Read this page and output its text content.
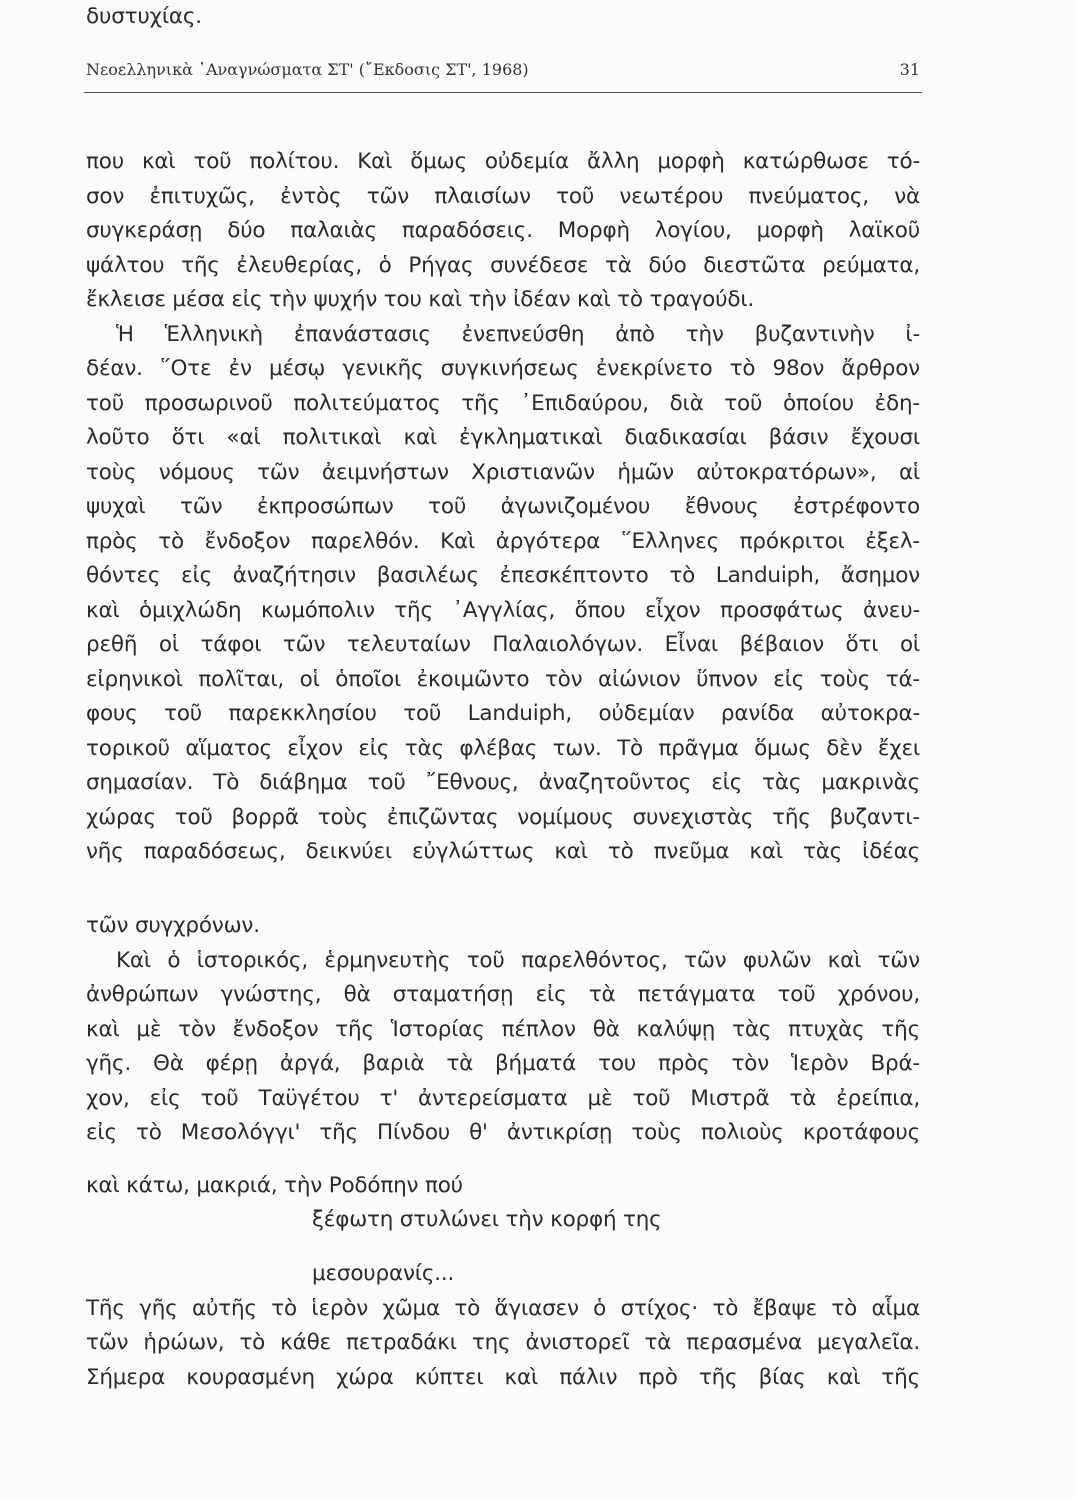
Νεοελληνικὰ ᾿Αναγνώσματα ΣΤ' (῎Εκδοσις ΣΤ', 1968)	31
που καὶ τοῦ πολίτου. Καὶ ὅμως οὐδεμία ἄλλη μορφὴ κατώρθωσε τό-
σον ἐπιτυχῶς, ἐντὸς τῶν πλαισίων τοῦ νεωτέρου πνεύματος, νὰ
συγκεράσῃ δύο παλαιὰς παραδόσεις. Μορφὴ λογίου, μορφὴ λαϊκοῦ
ψάλτου τῆς ἐλευθερίας, ὁ Ρήγας συνέδεσε τὰ δύο διεστῶτα ρεύματα,
ἔκλεισε μέσα εἰς τὴν ψυχήν του καὶ τὴν ἰδέαν καὶ τὸ τραγούδι.
Ἡ Ἑλληνικὴ ἐπανάστασις ἐνεπνεύσθη ἀπὸ τὴν βυζαντινὴν ἰ-
δέαν. ῞Οτε ἐν μέσῳ γενικῆς συγκινήσεως ἐνεκρίνετο τὸ 98ον ἄρθρον
τοῦ προσωρινοῦ πολιτεύματος τῆς ᾿Επιδαύρου, διὰ τοῦ ὁποίου ἐδη-
λοῦτο ὅτι «αἱ πολιτικαὶ καὶ ἐγκληματικαὶ διαδικασίαι βάσιν ἔχουσι
τοὺς νόμους τῶν ἀειμνήστων Χριστιανῶν ἡμῶν αὐτοκρατόρων», αἱ
ψυχαὶ τῶν ἐκπροσώπων τοῦ ἀγωνιζομένου ἔθνους ἐστρέφοντο
πρὸς τὸ ἔνδοξον παρελθόν. Καὶ ἀργότερα ῞Ελληνες πρόκριτοι ἐξελ-
θόντες εἰς ἀναζήτησιν βασιλέως ἐπεσκέπτοντο τὸ Landuiph, ἄσημον
καὶ ὁμιχλώδη κωμόπολιν τῆς ᾿Αγγλίας, ὅπου εἶχον προσφάτως ἀνευ-
ρεθῆ οἱ τάφοι τῶν τελευταίων Παλαιολόγων. Εἶναι βέβαιον ὅτι οἱ
εἰρηνικοὶ πολῖται, οἱ ὁποῖοι ἐκοιμῶντο τὸν αἰώνιον ὕπνον εἰς τοὺς τά-
φους τοῦ παρεκκλησίου τοῦ Landuiph, οὐδεμίαν ρανίδα αὐτοκρα-
τορικοῦ αἵματος εἶχον εἰς τὰς φλέβας των. Τὸ πρᾶγμα ὅμως δὲν ἔχει
σημασίαν. Τὸ διάβημα τοῦ ῎Εθνους, ἀναζητοῦντος εἰς τὰς μακρινὰς
χώρας τοῦ βορρᾶ τοὺς ἐπιζῶντας νομίμους συνεχιστὰς τῆς βυζαντι-
νῆς παραδόσεως, δεικνύει εὐγλώττως καὶ τὸ πνεῦμα καὶ τὰς ἰδέας
τῶν συγχρόνων.
Καὶ ὁ ἱστορικός, ἑρμηνευτὴς τοῦ παρελθόντος, τῶν φυλῶν καὶ τῶν
ἀνθρώπων γνώστης, θὰ σταματήσῃ εἰς τὰ πετάγματα τοῦ χρόνου,
καὶ μὲ τὸν ἔνδοξον τῆς Ἱστορίας πέπλον θὰ καλύψῃ τὰς πτυχὰς τῆς
γῆς. Θὰ φέρῃ ἀργά, βαριὰ τὰ βήματά του πρὸς τὸν Ἱερὸν Βρά-
χον, εἰς τοῦ Ταϋγέτου τ' ἀντερείσματα μὲ τοῦ Μιστρᾶ τὰ ἐρείπια,
εἰς τὸ Μεσολόγγι' τῆς Πίνδου θ' ἀντικρίσῃ τοὺς πολιοὺς κροτάφους
καὶ κάτω, μακριά, τὴν Ροδόπην πού
ξέφωτη στυλώνει τὴν κορφή της
μεσουρανίς...
Τῆς γῆς αὐτῆς τὸ ἱερὸν χῶμα τὸ ἅγιασεν ὁ στίχος· τὸ ἔβαψε τὸ αἷμα
τῶν ἡρώων, τὸ κάθε πετραδάκι της ἀνιστορεῖ τὰ περασμένα μεγαλεῖα.
Σήμερα κουρασμένη χώρα κύπτει καὶ πάλιν πρὸ τῆς βίας καὶ τῆς
δυστυχίας.
